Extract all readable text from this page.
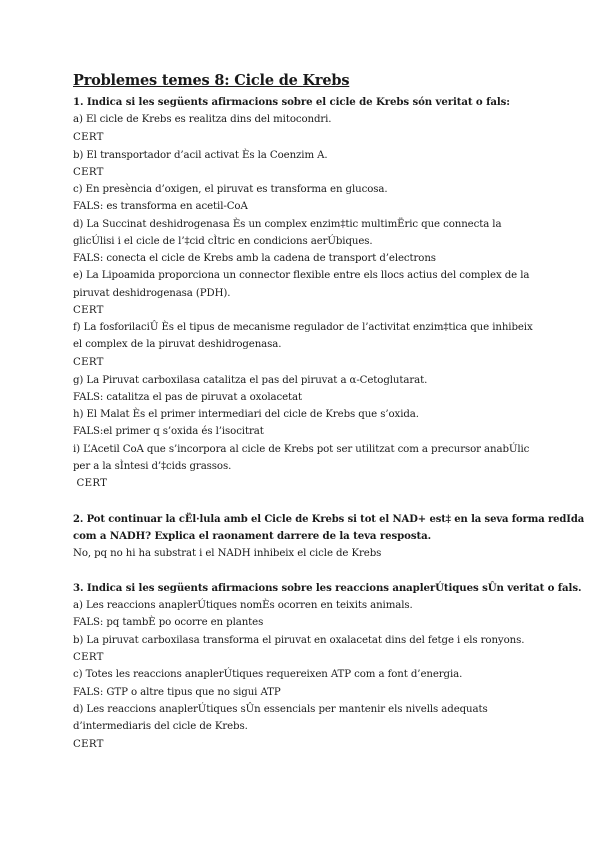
Problemes temes 8: Cicle de Krebs
1. Indica si les següents afirmacions sobre el cicle de Krebs són veritat o fals:
a) El cicle de Krebs es realitza dins del mitocondri.
CERT
b) El transportador d’acil activat Ès la Coenzim A.
CERT
c) En presència d’oxigen, el piruvat es transforma en glucosa.
FALS: es transforma en acetil-CoA
d) La Succinat deshidrogenasa Ès un complex enzim‡tic multimËric que connecta la
glicÚlisi i el cicle de l’‡cid cÌtric en condicions aerÚbiques.
FALS: conecta el cicle de Krebs amb la cadena de transport d’electrons
e) La Lipoamida proporciona un connector flexible entre els llocs actius del complex de la
piruvat deshidrogenasa (PDH).
CERT
f) La fosforilaciÛ Ès el tipus de mecanisme regulador de l’activitat enzim‡tica que inhibeix
el complex de la piruvat deshidrogenasa.
CERT
g) La Piruvat carboxilasa catalitza el pas del piruvat a α-Cetoglutarat.
FALS: catalitza el pas de piruvat a oxolacetat
h) El Malat Ès el primer intermediari del cicle de Krebs que s’oxida.
FALS:el primer q s’oxida és l’isocitrat
i) L’Acetil CoA que s’incorpora al cicle de Krebs pot ser utilitzat com a precursor anabÚlic
per a la sÌntesi d’‡cids grassos.
CERT
2. Pot continuar la cËl·lula amb el Cicle de Krebs si tot el NAD+ est‡ en la seva forma redIda
com a NADH? Explica el raonament darrere de la teva resposta.
No, pq no hi ha substrat i el NADH inhibeix el cicle de Krebs
3. Indica si les següents afirmacions sobre les reaccions anaplerÚtiques sÛn veritat o fals.
a) Les reaccions anaplerÚtiques nomÈs ocorren en teixits animals.
FALS: pq tambÈ po ocorre en plantes
b) La piruvat carboxilasa transforma el piruvat en oxalacetat dins del fetge i els ronyons.
CERT
c) Totes les reaccions anaplerÚtiques requereixen ATP com a font d’energia.
FALS: GTP o altre tipus que no sigui ATP
d) Les reaccions anaplerÚtiques sÛn essencials per mantenir els nivells adequats
d’intermediaris del cicle de Krebs.
CERT
